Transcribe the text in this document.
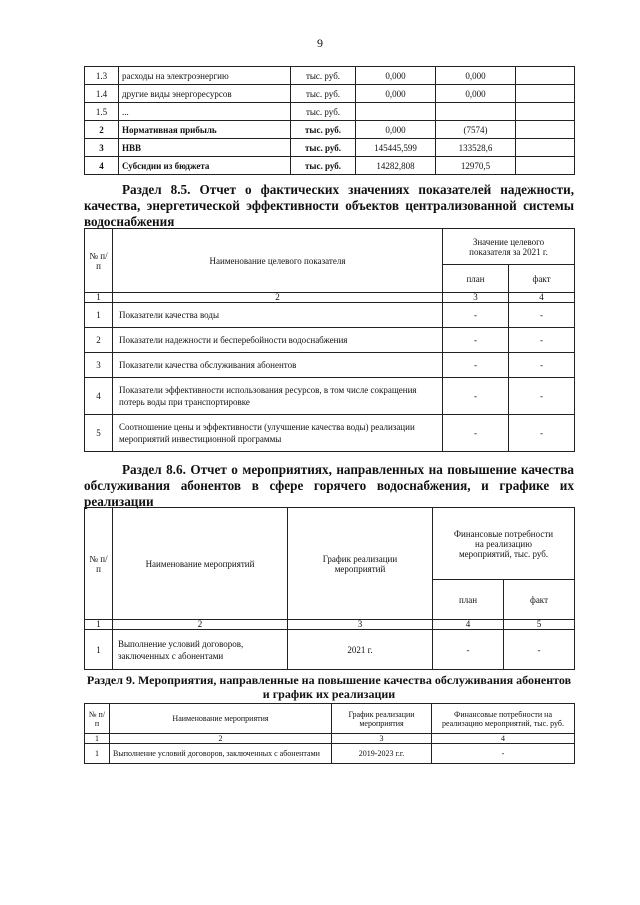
9
1.3	расходы на электроэнергию	тыс. руб.	0,000	0,000	
1.4	другие виды энергоресурсов	тыс. руб.	0,000	0,000	
1.5	...	тыс. руб.			
2	Нормативная прибыль	тыс. руб.	0,000	(7574)	
3	НВВ	тыс. руб.	145445,599	133528,6	
4	Субсидии из бюджета	тыс. руб.	14282,808	12970,5	
Раздел 8.5. Отчет о фактических значениях показателей надежности, качества, энергетической эффективности объектов централизованной системы водоснабжения
№ п/п	Наименование целевого показателя	Значение целевого показателя за 2021 г.	
		план	факт
1	2	3	4
1	Показатели качества воды	-	-
2	Показатели надежности и бесперебойности водоснабжения	-	-
3	Показатели качества обслуживания абонентов	-	-
4	Показатели эффективности использования ресурсов, в том числе сокращения потерь воды при транспортировке	-	-
5	Соотношение цены и эффективности (улучшение качества воды) реализации мероприятий инвестиционной программы	-	-
Раздел 8.6. Отчет о мероприятиях, направленных на повышение качества обслуживания абонентов в сфере горячего водоснабжения, и графике их реализации
№ п/п	Наименование мероприятий	График реализации мероприятий	Финансовые потребности на реализацию мероприятий, тыс. руб.	
			план	факт
1	2	3	4	5
1	Выполнение условий договоров, заключенных с абонентами	2021 г.	-	-
Раздел 9. Мероприятия, направленные на повышение качества обслуживания абонентов и график их реализации
№ п/п	Наименование мероприятия	График реализации мероприятия	Финансовые потребности на реализацию мероприятий, тыс. руб.
1	2	3	4
1	Выполнение условий договоров, заключенных с абонентами	2019-2023 г.г.	-
